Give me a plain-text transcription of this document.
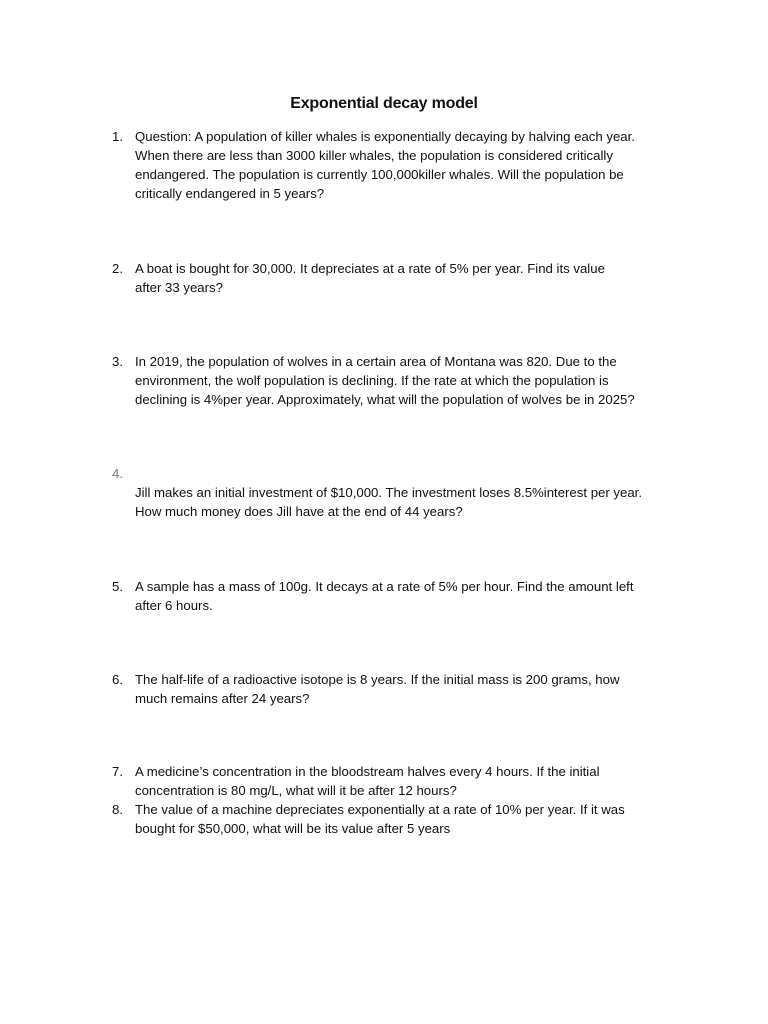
Exponential decay model
1. Question: A population of killer whales is exponentially decaying by halving each year.
When there are less than 3000 killer whales, the population is considered critically
endangered. The population is currently 100,000killer whales. Will the population be
critically endangered in 5 years?
2. A boat is bought for 30,000. It depreciates at a rate of 5% per year. Find its value
after 33 years?
3. In 2019, the population of wolves in a certain area of Montana was 820. Due to the
environment, the wolf population is declining. If the rate at which the population is
declining is 4%per year. Approximately, what will the population of wolves be in 2025?
4.
Jill makes an initial investment of $10,000. The investment loses 8.5%interest per year.
How much money does Jill have at the end of 44 years?
5. A sample has a mass of 100g. It decays at a rate of 5% per hour. Find the amount left
after 6 hours.
6. The half-life of a radioactive isotope is 8 years. If the initial mass is 200 grams, how
much remains after 24 years?
7. A medicine’s concentration in the bloodstream halves every 4 hours. If the initial
concentration is 80 mg/L, what will it be after 12 hours?
8. The value of a machine depreciates exponentially at a rate of 10% per year. If it was
bought for $50,000, what will be its value after 5 years
